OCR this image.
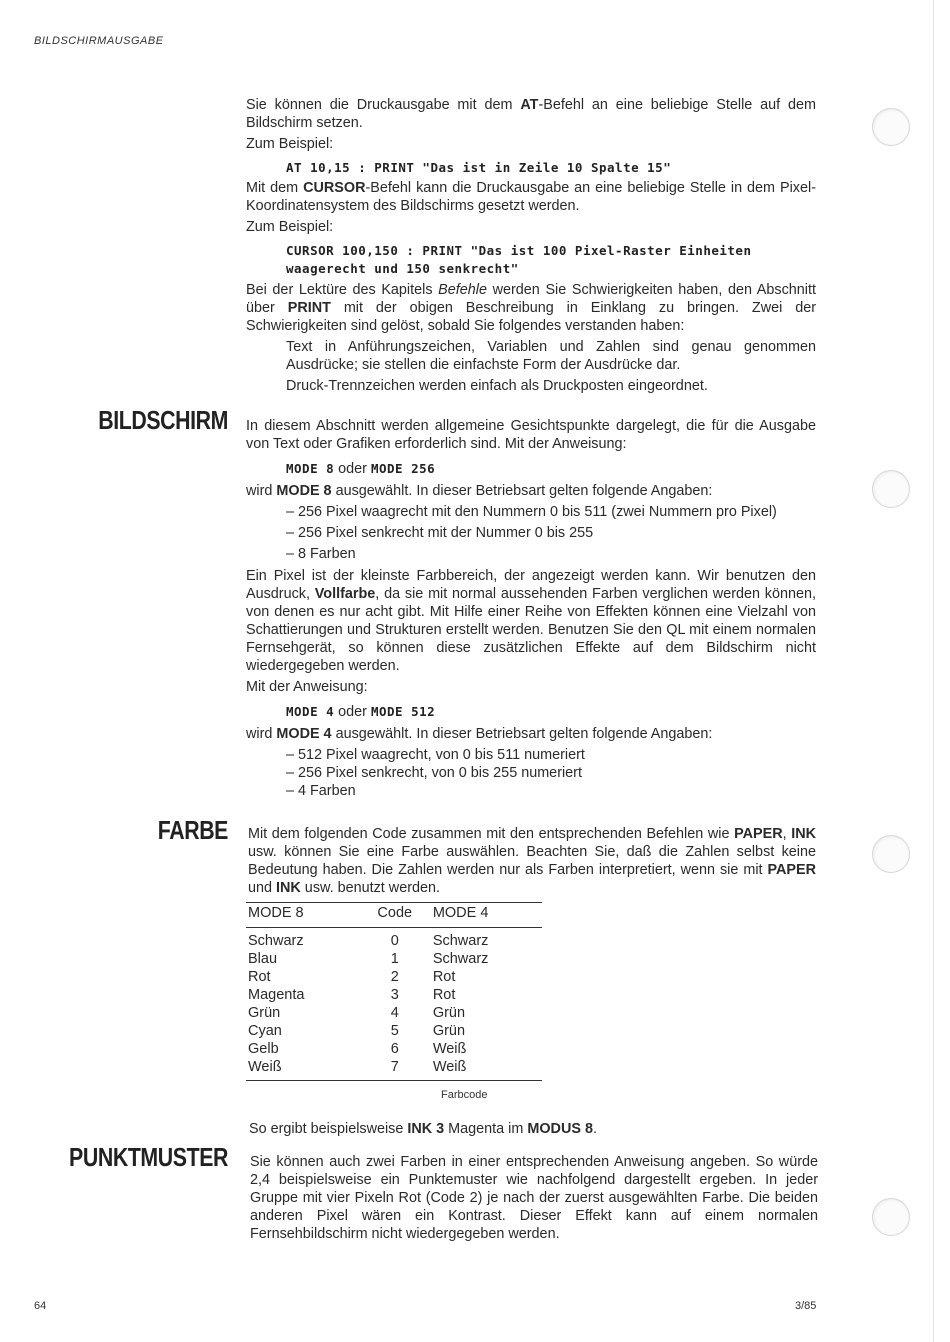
BILDSCHIRMAUSGABE
BILDSCHIRM
FARBE
PUNKTMUSTER

Sie können die Druckausgabe mit dem AT-Befehl an eine beliebige Stelle auf dem Bildschirm setzen.

Zum Beispiel:

AT 10,15 : PRINT "Das ist in Zeile 10 Spalte 15"

Mit dem CURSOR-Befehl kann die Druckausgabe an eine beliebige Stelle in dem Pixel-Koordinatensystem des Bildschirms gesetzt werden.

Zum Beispiel:

CURSOR 100,150 : PRINT "Das ist 100 Pixel-Raster Einheiten waagerecht und 150 senkrecht"

Bei der Lektüre des Kapitels Befehle werden Sie Schwierigkeiten haben, den Abschnitt über PRINT mit der obigen Beschreibung in Einklang zu bringen. Zwei der Schwierigkeiten sind gelöst, sobald Sie folgendes verstanden haben:

Text in Anführungszeichen, Variablen und Zahlen sind genau genommen Ausdrücke; sie stellen die einfachste Form der Ausdrücke dar.

Druck-Trennzeichen werden einfach als Druckposten eingeordnet.

In diesem Abschnitt werden allgemeine Gesichtspunkte dargelegt, die für die Ausgabe von Text oder Grafiken erforderlich sind. Mit der Anweisung:

MODE 8 oder MODE 256

wird MODE 8 ausgewählt. In dieser Betriebsart gelten folgende Angaben:

– 256 Pixel waagrecht mit den Nummern 0 bis 511 (zwei Nummern pro Pixel)
– 256 Pixel senkrecht mit der Nummer 0 bis 255
– 8 Farben

Ein Pixel ist der kleinste Farbbereich, der angezeigt werden kann. Wir benutzen den Ausdruck, Vollfarbe, da sie mit normal aussehenden Farben verglichen werden können, von denen es nur acht gibt. Mit Hilfe einer Reihe von Effekten können eine Vielzahl von Schattierungen und Strukturen erstellt werden. Benutzen Sie den QL mit einem normalen Fernsehgerät, so können diese zusätzlichen Effekte auf dem Bildschirm nicht wiedergegeben werden.

Mit der Anweisung:

MODE 4 oder MODE 512

wird MODE 4 ausgewählt. In dieser Betriebsart gelten folgende Angaben:

– 512 Pixel waagrecht, von 0 bis 511 numeriert
– 256 Pixel senkrecht, von 0 bis 255 numeriert
– 4 Farben

Mit dem folgenden Code zusammen mit den entsprechenden Befehlen wie PAPER, INK usw. können Sie eine Farbe auswählen. Beachten Sie, daß die Zahlen selbst keine Bedeutung haben. Die Zahlen werden nur als Farben interpretiert, wenn sie mit PAPER und INK usw. benutzt werden.

MODE 8	Code	MODE 4
Schwarz	0	Schwarz
Blau	1	Schwarz
Rot	2	Rot
Magenta	3	Rot
Grün	4	Grün
Cyan	5	Grün
Gelb	6	Weiß
Weiß	7	Weiß
Farbcode

So ergibt beispielsweise INK 3 Magenta im MODUS 8.

Sie können auch zwei Farben in einer entsprechenden Anweisung angeben. So würde 2,4 beispielsweise ein Punktemuster wie nachfolgend dargestellt ergeben. In jeder Gruppe mit vier Pixeln Rot (Code 2) je nach der zuerst ausgewählten Farbe. Die beiden anderen Pixel wären ein Kontrast. Dieser Effekt kann auf einem normalen Fernsehbildschirm nicht wiedergegeben werden.

64	3/85
